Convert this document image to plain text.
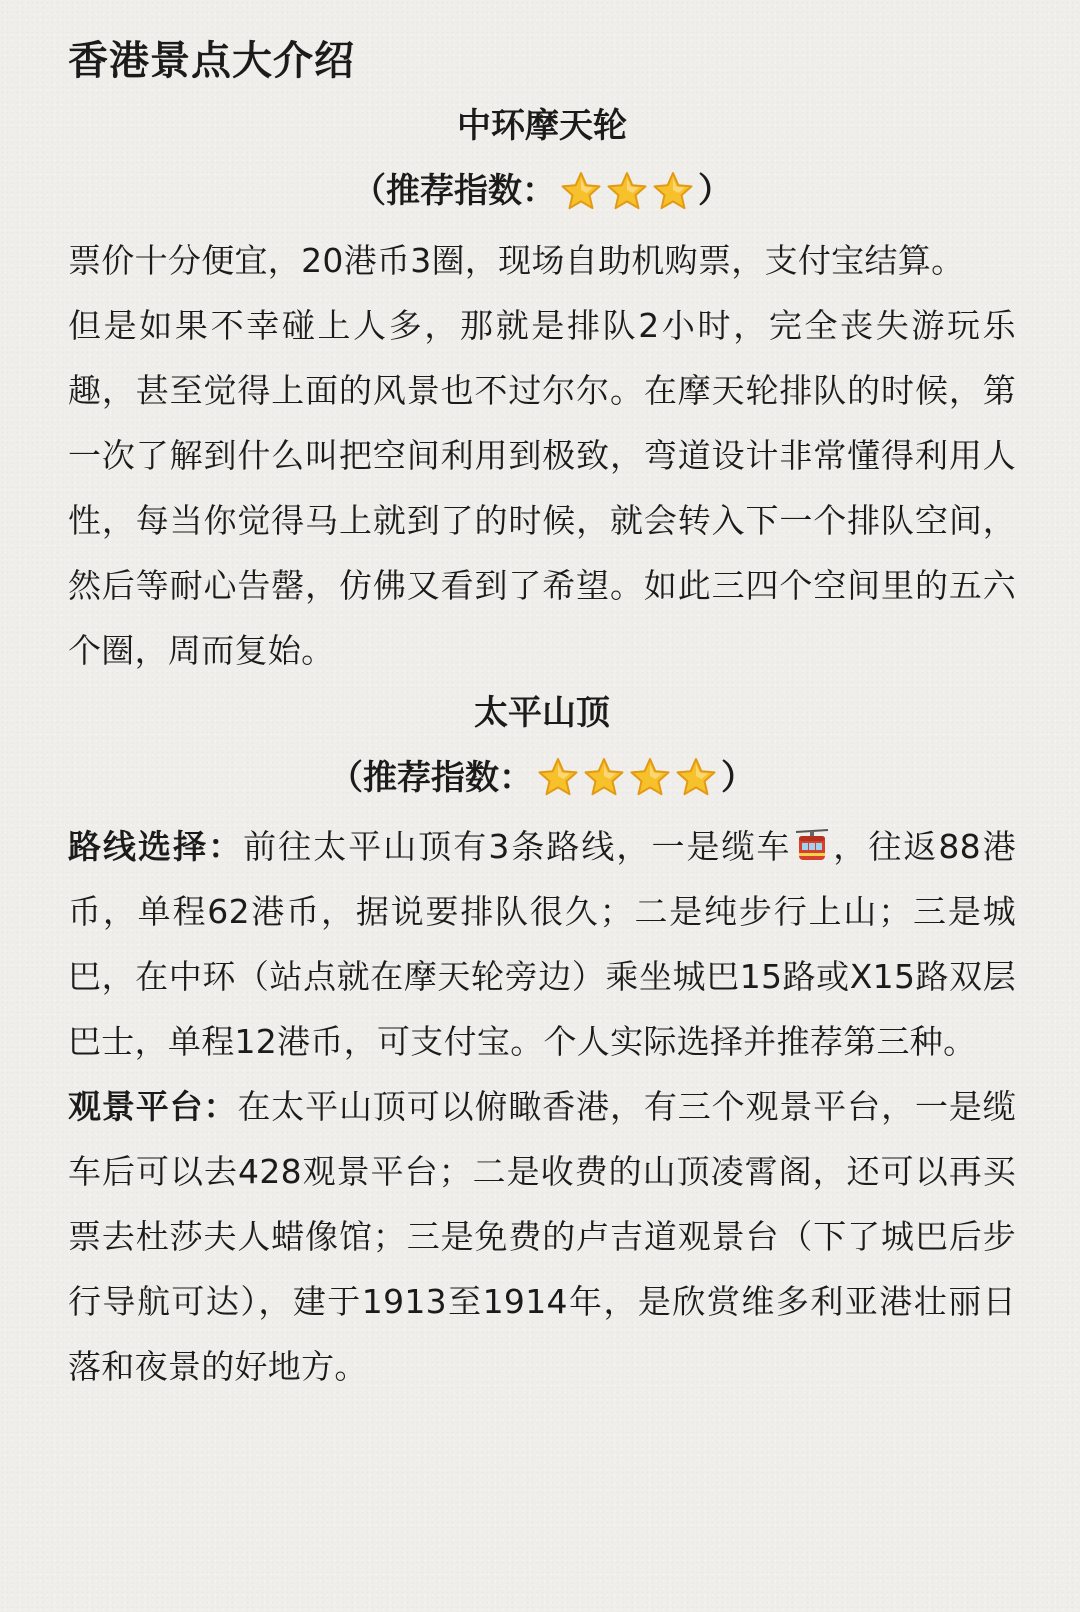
香港景点大介绍
中环摩天轮

（推荐指数：	）

票价十分便宜，20港币3圈，现场自助机购票，支付宝结算。

但是如果不幸碰上人多，那就是排队2小时，完全丧失游玩乐趣，甚至觉得上面的风景也不过尔尔。在摩天轮排队的时候，第一次了解到什么叫把空间利用到极致，弯道设计非常懂得利用人性，每当你觉得马上就到了的时候，就会转入下一个排队空间，然后等耐心告罄，仿佛又看到了希望。如此三四个空间里的五六个圈，周而复始。

太平山顶

（推荐指数：	）

路线选择：前往太平山顶有3条路线，一是缆车 ，往返88港币，单程62港币，据说要排队很久；二是纯步行上山；三是城巴，在中环（站点就在摩天轮旁边）乘坐城巴15路或X15路双层巴士，单程12港币，可支付宝。个人实际选择并推荐第三种。

观景平台：在太平山顶可以俯瞰香港，有三个观景平台，一是缆车后可以去428观景平台；二是收费的山顶凌霄阁，还可以再买票去杜莎夫人蜡像馆；三是免费的卢吉道观景台（下了城巴后步行导航可达），建于1913至1914年，是欣赏维多利亚港壮丽日落和夜景的好地方。
